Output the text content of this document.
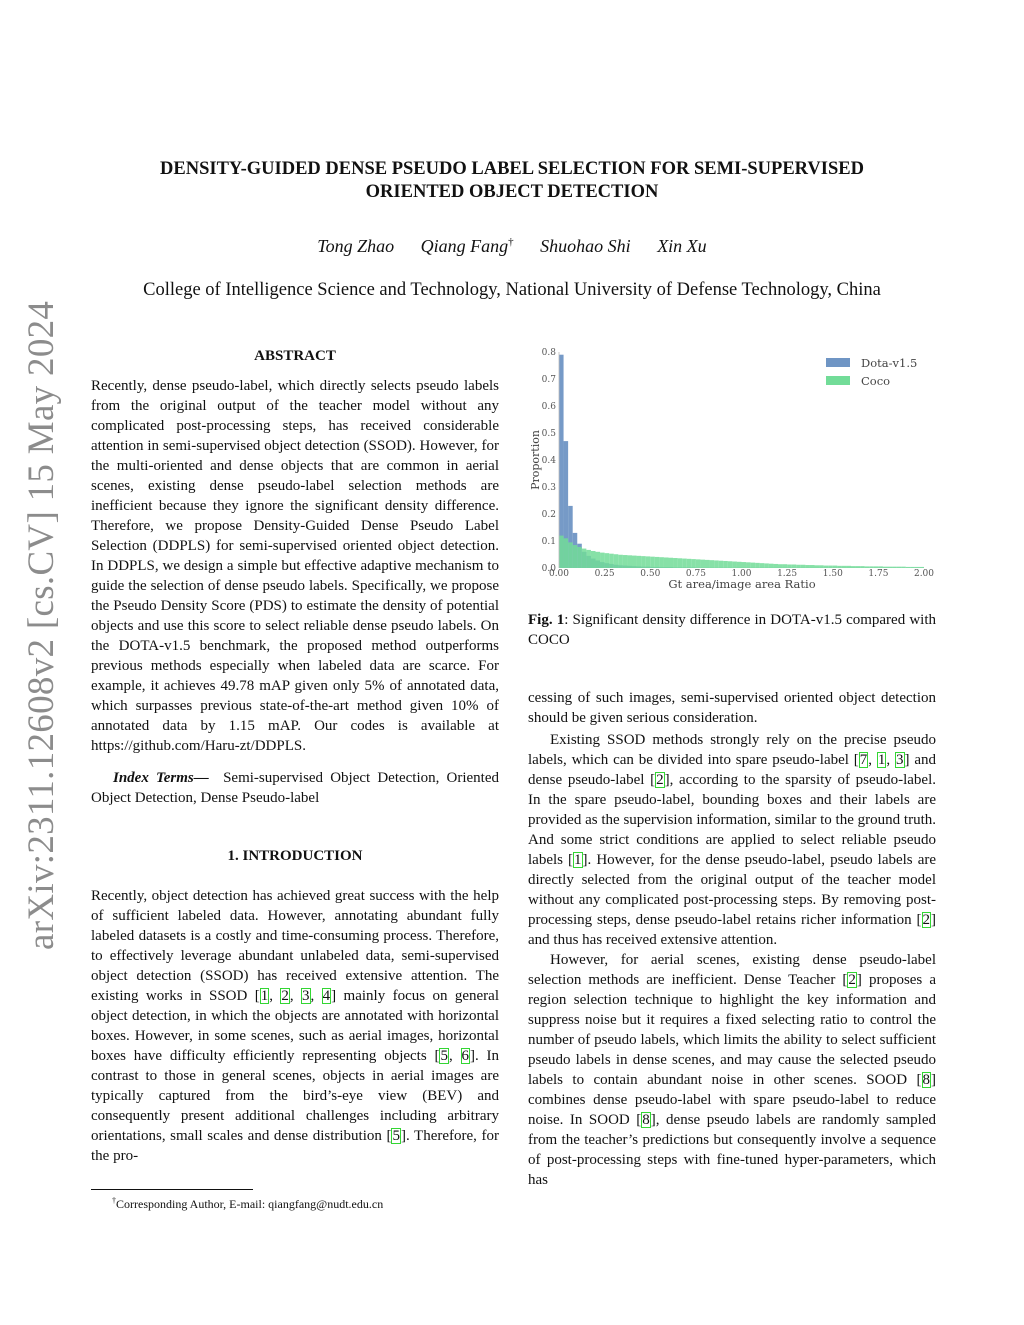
arXiv:2311.12608v2 [cs.CV] 15 May 2024
DENSITY-GUIDED DENSE PSEUDO LABEL SELECTION FOR SEMI-SUPERVISED
ORIENTED OBJECT DETECTION
Tong Zhao Qiang Fang† Shuohao Shi Xin Xu
College of Intelligence Science and Technology, National University of Defense Technology, China
ABSTRACT

Recently, dense pseudo-label, which directly selects pseudo labels from the original output of the teacher model without any complicated post-processing steps, has received considerable attention in semi-supervised object detection (SSOD). However, for the multi-oriented and dense objects that are common in aerial scenes, existing dense pseudo-label selection methods are inefficient because they ignore the significant density difference. Therefore, we propose Density-Guided Dense Pseudo Label Selection (DDPLS) for semi-supervised oriented object detection. In DDPLS, we design a simple but effective adaptive mechanism to guide the selection of dense pseudo labels. Specifically, we propose the Pseudo Density Score (PDS) to estimate the density of potential objects and use this score to select reliable dense pseudo labels. On the DOTA-v1.5 benchmark, the proposed method outperforms previous methods especially when labeled data are scarce. For example, it achieves 49.78 mAP given only 5% of annotated data, which surpasses previous state-of-the-art method given 10% of annotated data by 1.15 mAP. Our codes is available at https://github.com/Haru-zt/DDPLS.

Index Terms— Semi-supervised Object Detection, Oriented Object Detection, Dense Pseudo-label

1. INTRODUCTION

Recently, object detection has achieved great success with the help of sufficient labeled data. However, annotating abundant fully labeled datasets is a costly and time-consuming process. Therefore, to effectively leverage abundant unlabeled data, semi-supervised object detection (SSOD) has received extensive attention. The existing works in SSOD [1, 2, 3, 4] mainly focus on general object detection, in which the objects are annotated with horizontal boxes. However, in some scenes, such as aerial images, horizontal boxes have difficulty efficiently representing objects [5, 6]. In contrast to those in general scenes, objects in aerial images are typically captured from the bird’s-eye view (BEV) and consequently present additional challenges including arbitrary orientations, small scales and dense distribution [5]. Therefore, for the pro-

†Corresponding Author, E-mail: qiangfang@nudt.edu.cn
0.0
0.1
0.2
0.3
0.4
0.5
0.6
0.7
0.8
0.00	0.25	0.50	0.75	1.00	1.25	1.50	1.75	2.00
Proportion
Gt area/image area Ratio
Dota-v1.5
Coco
Fig. 1: Significant density difference in DOTA-v1.5 compared with COCO

cessing of such images, semi-supervised oriented object detection should be given serious consideration.

Existing SSOD methods strongly rely on the precise pseudo labels, which can be divided into spare pseudo-label [7, 1, 3] and dense pseudo-label [2], according to the sparsity of pseudo-label. In the spare pseudo-label, bounding boxes and their labels are provided as the supervision information, similar to the ground truth. And some strict conditions are applied to select reliable pseudo labels [1]. However, for the dense pseudo-label, pseudo labels are directly selected from the original output of the teacher model without any complicated post-processing steps. By removing post-processing steps, dense pseudo-label retains richer information [2] and thus has received extensive attention.

However, for aerial scenes, existing dense pseudo-label selection methods are inefficient. Dense Teacher [2] proposes a region selection technique to highlight the key information and suppress noise but it requires a fixed selecting ratio to control the number of pseudo labels, which limits the ability to select sufficient pseudo labels in dense scenes, and may cause the selected pseudo labels to contain abundant noise in other scenes. SOOD [8] combines dense pseudo-label with spare pseudo-label to reduce noise. In SOOD [8], dense pseudo labels are randomly sampled from the teacher’s predictions but consequently involve a sequence of post-processing steps with fine-tuned hyper-parameters, which has
